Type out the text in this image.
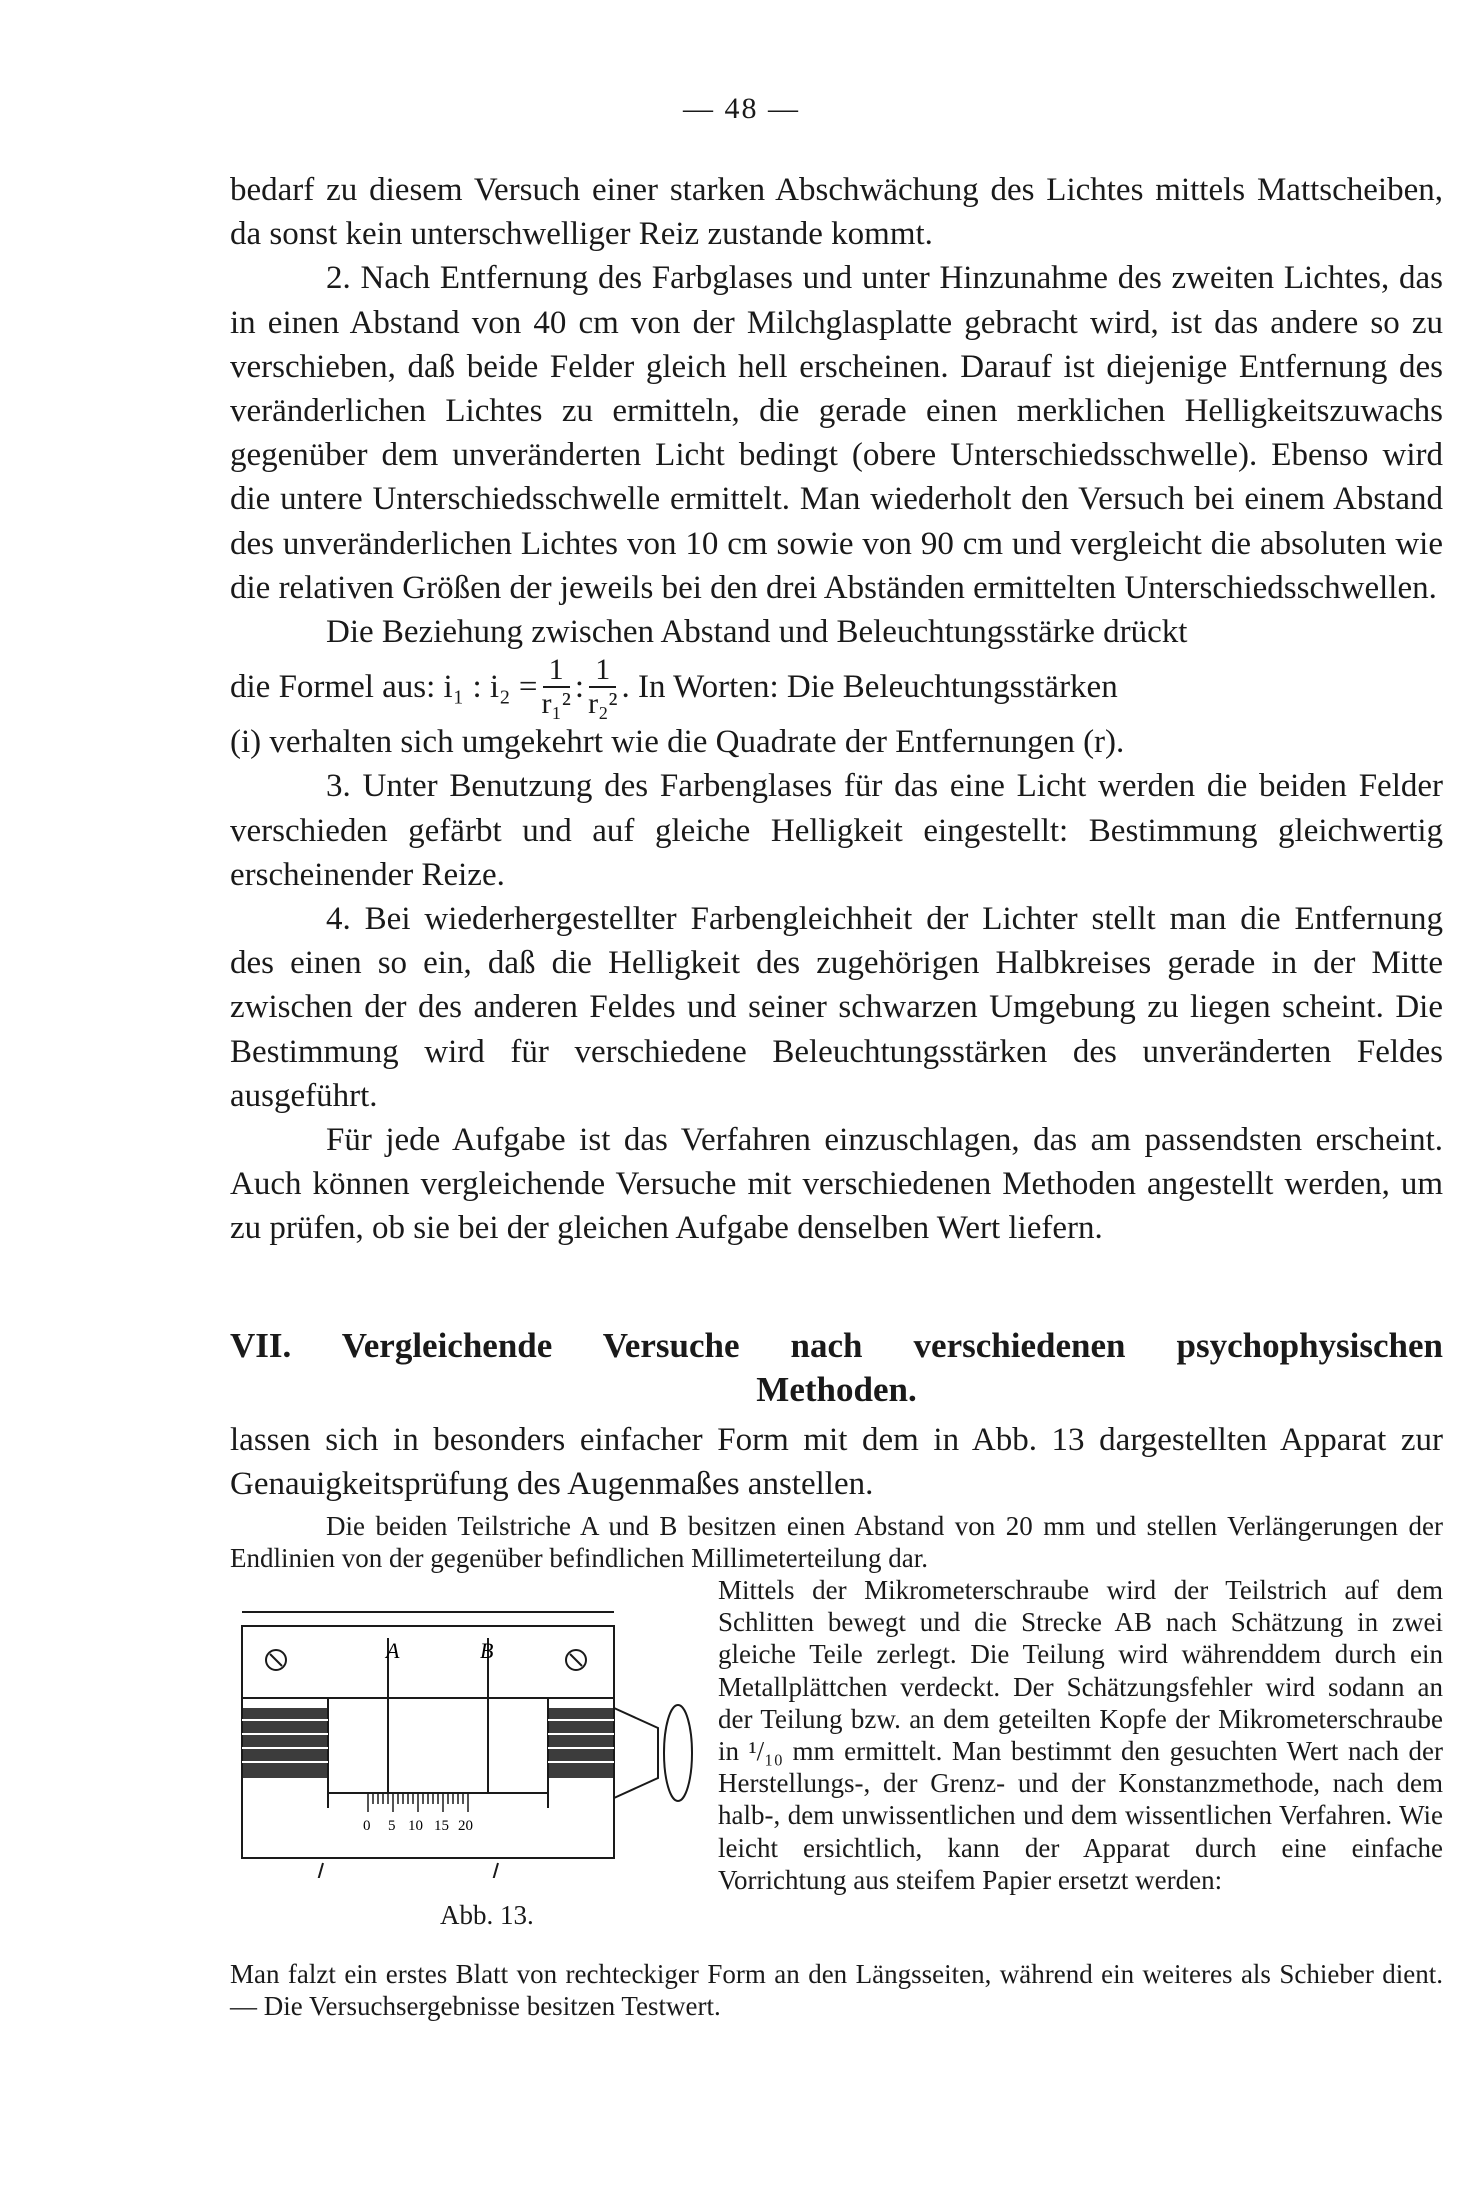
— 48 —

bedarf zu diesem Versuch einer starken Abschwächung des Lichtes mittels Mattscheiben, da sonst kein unterschwelliger Reiz zustande kommt.

2. Nach Entfernung des Farbglases und unter Hinzunahme des zweiten Lichtes, das in einen Abstand von 40 cm von der Milchglasplatte gebracht wird, ist das andere so zu verschieben, daß beide Felder gleich hell erscheinen. Darauf ist diejenige Entfernung des veränderlichen Lichtes zu ermitteln, die gerade einen merklichen Helligkeitszuwachs gegenüber dem unveränderten Licht bedingt (obere Unterschiedsschwelle). Ebenso wird die untere Unterschiedsschwelle ermittelt. Man wiederholt den Versuch bei einem Abstand des unveränderlichen Lichtes von 10 cm sowie von 90 cm und vergleicht die absoluten wie die relativen Größen der jeweils bei den drei Abständen ermittelten Unterschiedsschwellen.

Die Beziehung zwischen Abstand und Beleuchtungsstärke drückt

die Formel aus: i₁ : $i_2 = \frac{1}{\text{r₁²}}$ : $\frac{1}{\text{r₂²}}$ . In Worten: Die Beleuchtungsstärken

(i) verhalten sich umgekehrt wie die Quadrate der Entfernungen (r).

3. Unter Benutzung des Farbenglases für das eine Licht werden die beiden Felder verschieden gefärbt und auf gleiche Helligkeit eingestellt: Bestimmung gleichwertig erscheinender Reize.

4. Bei wiederhergestellter Farbengleichheit der Lichter stellt man die Entfernung des einen so ein, daß die Helligkeit des zugehörigen Halbkreises gerade in der Mitte zwischen der des anderen Feldes und seiner schwarzen Umgebung zu liegen scheint. Die Bestimmung wird für verschiedene Beleuchtungsstärken des unveränderten Feldes ausgeführt.

Für jede Aufgabe ist das Verfahren einzuschlagen, das am passendsten erscheint. Auch können vergleichende Versuche mit verschiedenen Methoden angestellt werden, um zu prüfen, ob sie bei der gleichen Aufgabe denselben Wert liefern.

VII. Vergleichende Versuche nach verschiedenen psychophysischen
Methoden.

lassen sich in besonders einfacher Form mit dem in Abb. 13 dargestellten Apparat zur Genauigkeitsprüfung des Augenmaßes anstellen.

Die beiden Teilstriche A und B besitzen einen Abstand von 20 mm und stellen Verlängerungen der Endlinien von der gegenüber befindlichen Millimeterteilung dar.

Mittels der Mikrometerschraube wird der Teilstrich auf dem Schlitten bewegt und die Strecke AB nach Schätzung in zwei gleiche Teile zerlegt. Die Teilung wird währenddem durch ein Metallplättchen verdeckt. Der Schätzungsfehler wird sodann an der Teilung bzw. an dem geteilten Kopfe der Mikrometerschraube in ¹/₁₀ mm ermittelt. Man bestimmt den gesuchten Wert nach der Herstellungs-, der Grenz- und der Konstanzmethode, nach dem halb-, dem unwissentlichen und dem wissentlichen Verfahren. Wie leicht ersichtlich, kann der Apparat durch eine einfache Vorrichtung aus steifem Papier ersetzt werden:

A	B
0 5 10 15 20
Abb. 13.

Man falzt ein erstes Blatt von rechteckiger Form an den Längsseiten, während ein weiteres als Schieber dient. — Die Versuchsergebnisse besitzen Testwert.
